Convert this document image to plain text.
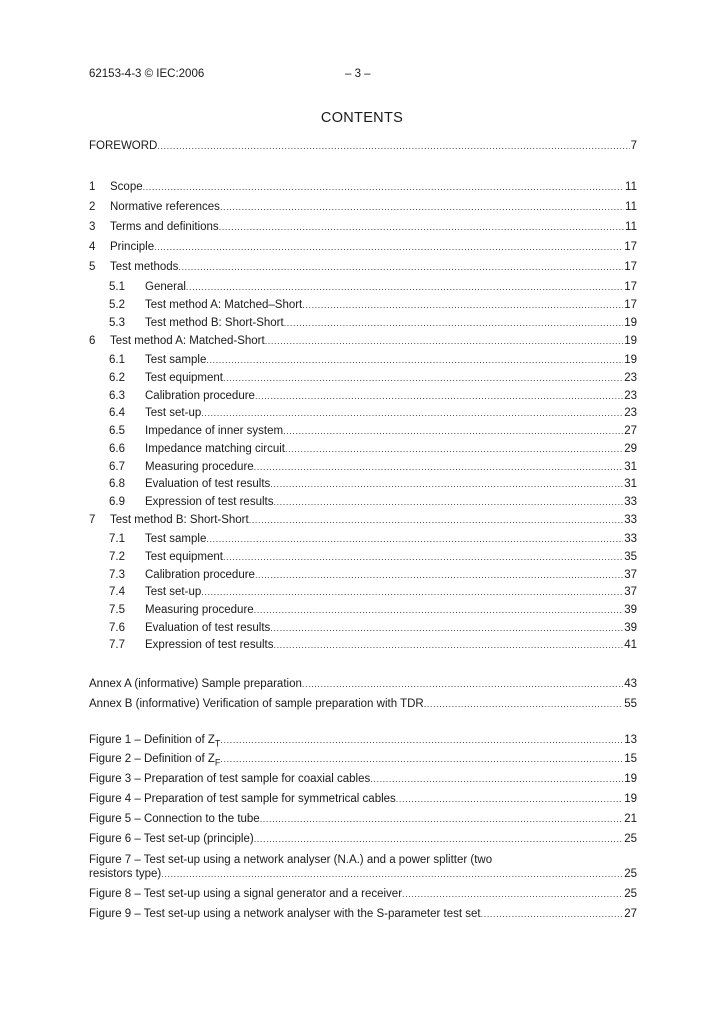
62153-4-3 © IEC:2006	– 3 –
CONTENTS
FOREWORD .....	7
1	Scope .....	11
2	Normative references .....	11
3	Terms and definitions .....	11
4	Principle .....	17
5	Test methods .....	17
5.1	General .....	17
5.2	Test method A: Matched–Short .....	17
5.3	Test method B: Short-Short .....	19
6	Test method A: Matched-Short .....	19
6.1	Test sample .....	19
6.2	Test equipment .....	23
6.3	Calibration procedure .....	23
6.4	Test set-up .....	23
6.5	Impedance of inner system .....	27
6.6	Impedance matching circuit .....	29
6.7	Measuring procedure .....	31
6.8	Evaluation of test results .....	31
6.9	Expression of test results .....	33
7	Test method B: Short-Short .....	33
7.1	Test sample .....	33
7.2	Test equipment .....	35
7.3	Calibration procedure .....	37
7.4	Test set-up .....	37
7.5	Measuring procedure .....	39
7.6	Evaluation of test results .....	39
7.7	Expression of test results .....	41
Annex A (informative) Sample preparation .....	43
Annex B (informative) Verification of sample preparation with TDR .....	55
Figure 1 – Definition of $Z_T$ .....	13
Figure 2 – Definition of $Z_F$ .....	15
Figure 3 – Preparation of test sample for coaxial cables .....	19
Figure 4 – Preparation of test sample for symmetrical cables .....	19
Figure 5 – Connection to the tube .....	21
Figure 6 – Test set-up (principle) .....	25
Figure 7 – Test set-up using a network analyser (N.A.) and a power splitter (two
resistors type) .....	25
Figure 8 – Test set-up using a signal generator and a receiver .....	25
Figure 9 – Test set-up using a network analyser with the S-parameter test set .....	27
